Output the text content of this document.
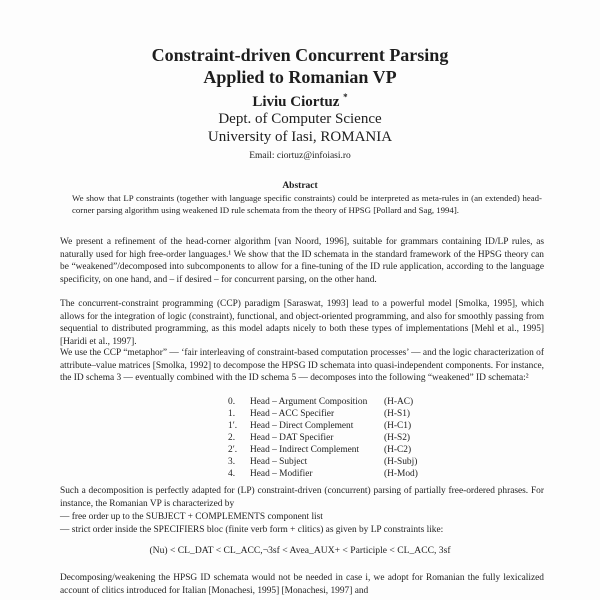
Constraint-driven Concurrent Parsing
Applied to Romanian VP
Liviu Ciortuz *
Dept. of Computer Science
University of Iasi, ROMANIA
Email: ciortuz@infoiasi.ro
Abstract
We show that LP constraints (together with language specific constraints) could be interpreted as meta-rules in (an extended) head-corner parsing algorithm using weakened ID rule schemata from the theory of HPSG [Pollard and Sag, 1994].
We present a refinement of the head-corner algorithm [van Noord, 1996], suitable for grammars containing ID/LP rules, as naturally used for high free-order languages.¹ We show that the ID schemata in the standard framework of the HPSG theory can be “weakened”/decomposed into subcomponents to allow for a fine-tuning of the ID rule application, according to the language specificity, on one hand, and – if desired – for concurrent parsing, on the other hand.
The concurrent-constraint programming (CCP) paradigm [Saraswat, 1993] lead to a powerful model [Smolka, 1995], which allows for the integration of logic (constraint), functional, and object-oriented programming, and also for smoothly passing from sequential to distributed programming, as this model adapts nicely to both these types of implementations [Mehl et al., 1995] [Haridi et al., 1997].
We use the CCP “metaphor” — ‘fair interleaving of constraint-based computation processes’ — and the logic characterization of attribute–value matrices [Smolka, 1992] to decompose the HPSG ID schemata into quasi-independent components. For instance, the ID schema 3 — eventually combined with the ID schema 5 — decomposes into the following “weakened” ID schemata:²
0.	Head – Argument Composition	(H-AC)
1.	Head – ACC Specifier	(H-S1)
1′.	Head – Direct Complement	(H-C1)
2.	Head – DAT Specifier	(H-S2)
2′.	Head – Indirect Complement	(H-C2)
3.	Head – Subject	(H-Subj)
4.	Head – Modifier	(H-Mod)
Such a decomposition is perfectly adapted for (LP) constraint-driven (concurrent) parsing of partially free-ordered phrases. For instance, the Romanian VP is characterized by
— free order up to the SUBJECT + COMPLEMENTS component list
— strict order inside the SPECIFIERS bloc (finite verb form + clitics) as given by LP constraints like:
(Nu) < CL_DAT < CL_ACC,¬3sf < Avea_AUX+ < Participle < CL_ACC, 3sf
Decomposing/weakening the HPSG ID schemata would not be needed in case i, we adopt for Romanian the fully lexicalized account of clitics introduced for Italian [Monachesi, 1995] [Monachesi, 1997] and
